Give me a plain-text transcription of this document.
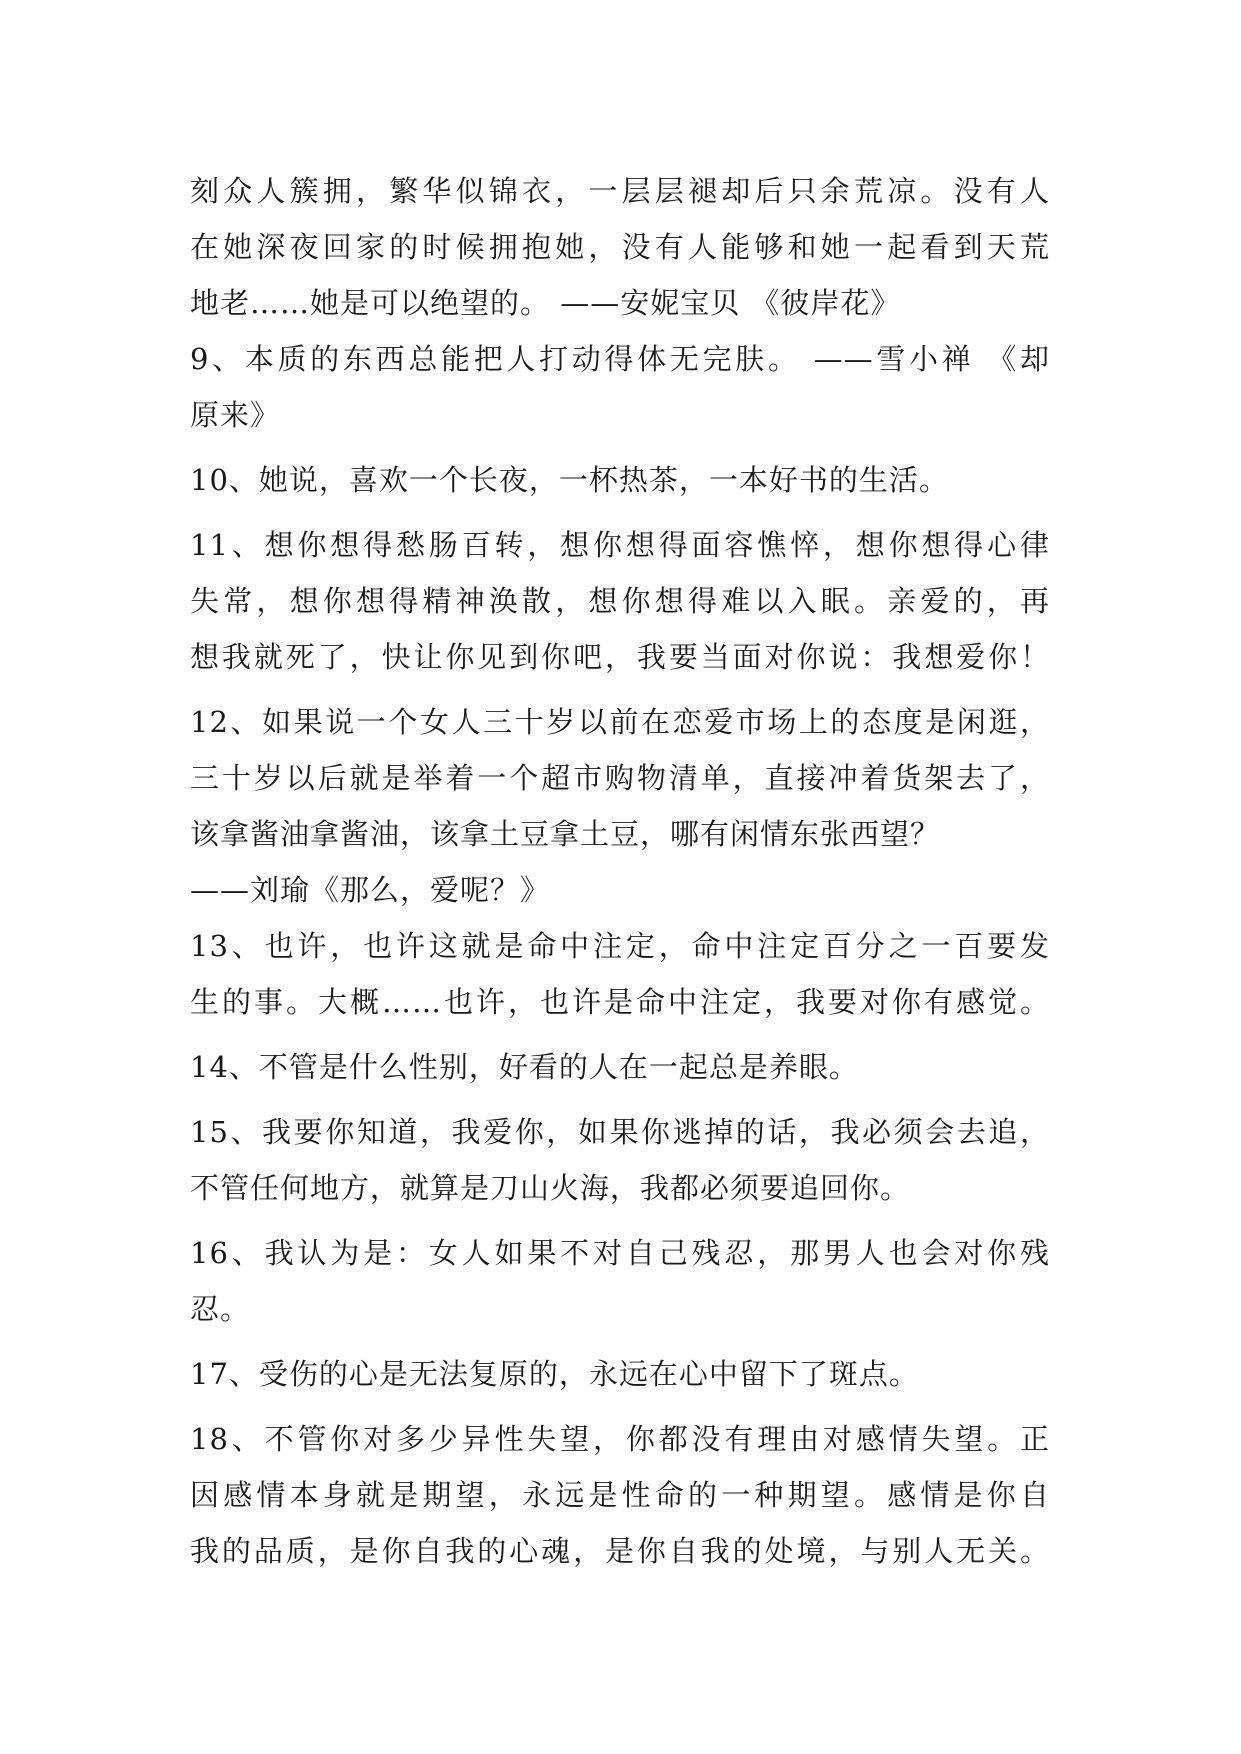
刻众人簇拥，繁华似锦衣，一层层褪却后只余荒凉。没有人
在她深夜回家的时候拥抱她，没有人能够和她一起看到天荒
地老……她是可以绝望的。 ——安妮宝贝 《彼岸花》
9、本质的东西总能把人打动得体无完肤。 ——雪小禅 《却
原来》
10、她说，喜欢一个长夜，一杯热茶，一本好书的生活。
11、想你想得愁肠百转，想你想得面容憔悴，想你想得心律
失常，想你想得精神涣散，想你想得难以入眠。亲爱的，再
想我就死了，快让你见到你吧，我要当面对你说：我想爱你！
12、如果说一个女人三十岁以前在恋爱市场上的态度是闲逛，
三十岁以后就是举着一个超市购物清单，直接冲着货架去了，
该拿酱油拿酱油，该拿土豆拿土豆，哪有闲情东张西望？
——刘瑜《那么，爱呢？》
13、也许，也许这就是命中注定，命中注定百分之一百要发
生的事。大概……也许，也许是命中注定，我要对你有感觉。
14、不管是什么性别，好看的人在一起总是养眼。
15、我要你知道，我爱你，如果你逃掉的话，我必须会去追，
不管任何地方，就算是刀山火海，我都必须要追回你。
16、我认为是：女人如果不对自己残忍，那男人也会对你残
忍。
17、受伤的心是无法复原的，永远在心中留下了斑点。
18、不管你对多少异性失望，你都没有理由对感情失望。正
因感情本身就是期望，永远是性命的一种期望。感情是你自
我的品质，是你自我的心魂，是你自我的处境，与别人无关。
